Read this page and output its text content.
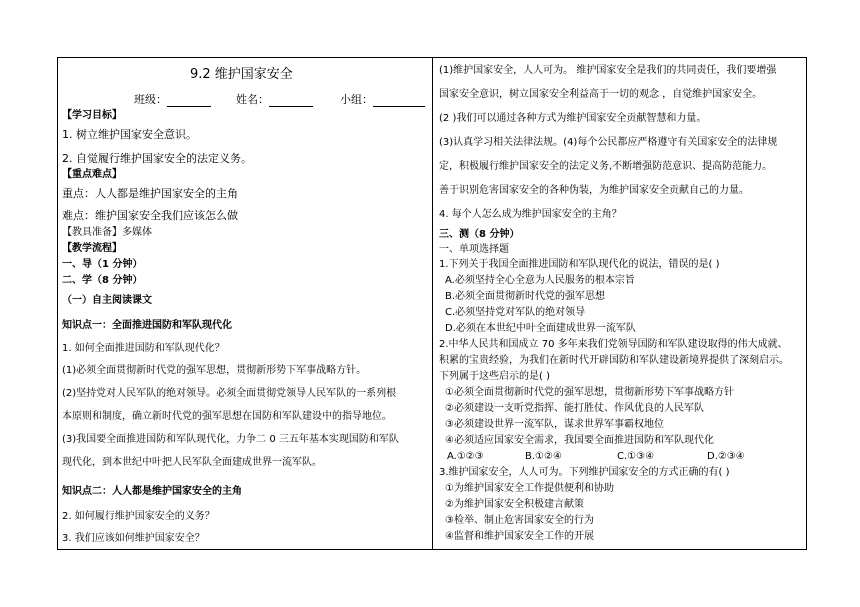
9.2 维护国家安全
班级：	姓名：	小组：
【学习目标】
1. 树立维护国家安全意识。
2. 自觉履行维护国家安全的法定义务。
【重点难点】
重点：人人都是维护国家安全的主角
难点：维护国家安全我们应该怎么做
【教具准备】多媒体
【教学流程】
一、导（1 分钟）
二、学（8 分钟）
（一）自主阅读课文
知识点一：全面推进国防和军队现代化
1. 如何全面推进国防和军队现代化？
(1)必须全面贯彻新时代党的强军思想，贯彻新形势下军事战略方针。
(2)坚持党对人民军队的绝对领导。必须全面贯彻党领导人民军队的一系列根
本原则和制度，确立新时代党的强军思想在国防和军队建设中的指导地位。
(3)我国要全面推进国防和军队现代化，力争二 0 三五年基本实现国防和军队
现代化，到本世纪中叶把人民军队全面建成世界一流军队。
知识点二：人人都是维护国家安全的主角
2. 如何履行维护国家安全的义务？
3. 我们应该如何维护国家安全？
(1)维护国家安全，人人可为。 维护国家安全是我们的共同责任，我们要增强
国家安全意识，树立国家安全利益高于一切的观念 ，自觉维护国家安全。
(2 )我们可以通过各种方式为维护国家安全贡献智慧和力量。
(3)认真学习相关法律法规。(4)每个公民都应严格遵守有关国家安全的法律规
定，积极履行维护国家安全的法定义务,不断增强防范意识、提高防范能力。
善于识别危害国家安全的各种伪装，为维护国家安全贡献自己的力量。
4. 每个人怎么成为维护国家安全的主角？
三、测（8 分钟）
一、单项选择题
1.下列关于我国全面推进国防和军队现代化的说法，错误的是( )
A.必须坚持全心全意为人民服务的根本宗旨
B.必须全面贯彻新时代党的强军思想
C.必须坚持党对军队的绝对领导
D.必须在本世纪中叶全面建成世界一流军队
2.中华人民共和国成立 70 多年来我们党领导国防和军队建设取得的伟大成就、
积累的宝贵经验，为我们在新时代开辟国防和军队建设新境界提供了深刻启示。
下列属于这些启示的是( )
①必须全面贯彻新时代党的强军思想，贯彻新形势下军事战略方针
②必须建设一支听党指挥、能打胜仗、作风优良的人民军队
③必须建设世界一流军队，谋求世界军事霸权地位
④必须适应国家安全需求，我国要全面推进国防和军队现代化
A.①②③	B.①②④	C.①③④	D.②③④
3.维护国家安全，人人可为。下列维护国家安全的方式正确的有( )
①为维护国家安全工作提供便利和协助
②为维护国家安全积极建言献策
③检举、制止危害国家安全的行为
④监督和维护国家安全工作的开展
